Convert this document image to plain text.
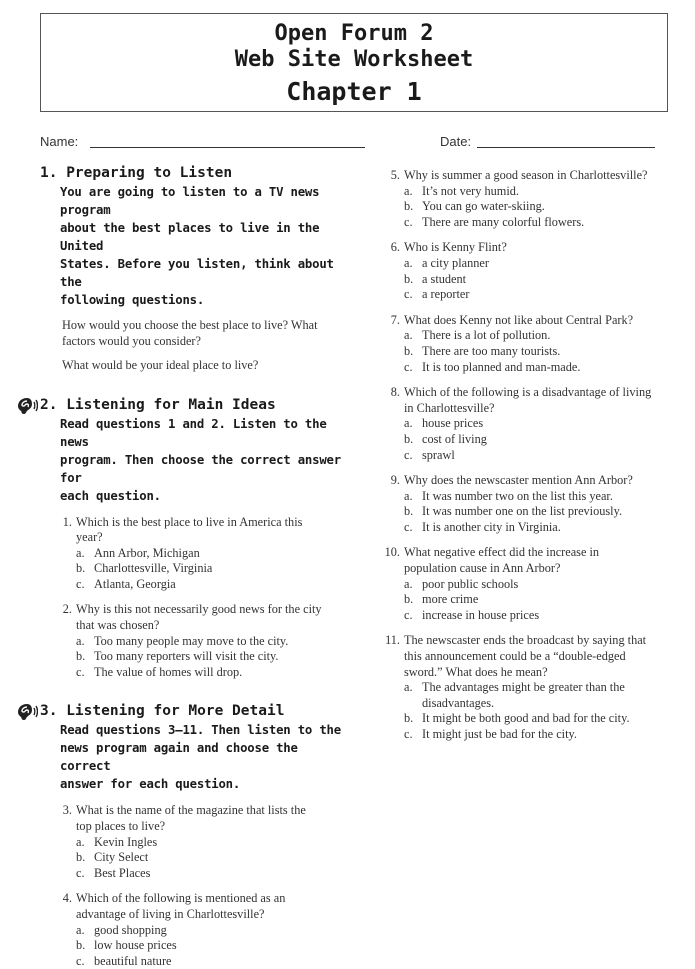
Open Forum 2
Web Site Worksheet
Chapter 1
Name:	Date:
1. Preparing to Listen
You are going to listen to a TV news program
about the best places to live in the United
States. Before you listen, think about the
following questions.
How would you choose the best place to live? What
factors would you consider?
What would be your ideal place to live?
2. Listening for Main Ideas
Read questions 1 and 2. Listen to the news
program. Then choose the correct answer for
each question.
1. Which is the best place to live in America this
year?
a. Ann Arbor, Michigan
b. Charlottesville, Virginia
c. Atlanta, Georgia
2. Why is this not necessarily good news for the city
that was chosen?
a. Too many people may move to the city.
b. Too many reporters will visit the city.
c. The value of homes will drop.
3. Listening for More Detail
Read questions 3–11. Then listen to the
news program again and choose the correct
answer for each question.
3. What is the name of the magazine that lists the
top places to live?
a. Kevin Ingles
b. City Select
c. Best Places
4. Which of the following is mentioned as an
advantage of living in Charlottesville?
a. good shopping
b. low house prices
c. beautiful nature
5. Why is summer a good season in Charlottesville?
a. It’s not very humid.
b. You can go water-skiing.
c. There are many colorful flowers.
6. Who is Kenny Flint?
a. a city planner
b. a student
c. a reporter
7. What does Kenny not like about Central Park?
a. There is a lot of pollution.
b. There are too many tourists.
c. It is too planned and man-made.
8. Which of the following is a disadvantage of living
in Charlottesville?
a. house prices
b. cost of living
c. sprawl
9. Why does the newscaster mention Ann Arbor?
a. It was number two on the list this year.
b. It was number one on the list previously.
c. It is another city in Virginia.
10. What negative effect did the increase in
population cause in Ann Arbor?
a. poor public schools
b. more crime
c. increase in house prices
11. The newscaster ends the broadcast by saying that
this announcement could be a “double-edged
sword.” What does he mean?
a. The advantages might be greater than the
disadvantages.
b. It might be both good and bad for the city.
c. It might just be bad for the city.
